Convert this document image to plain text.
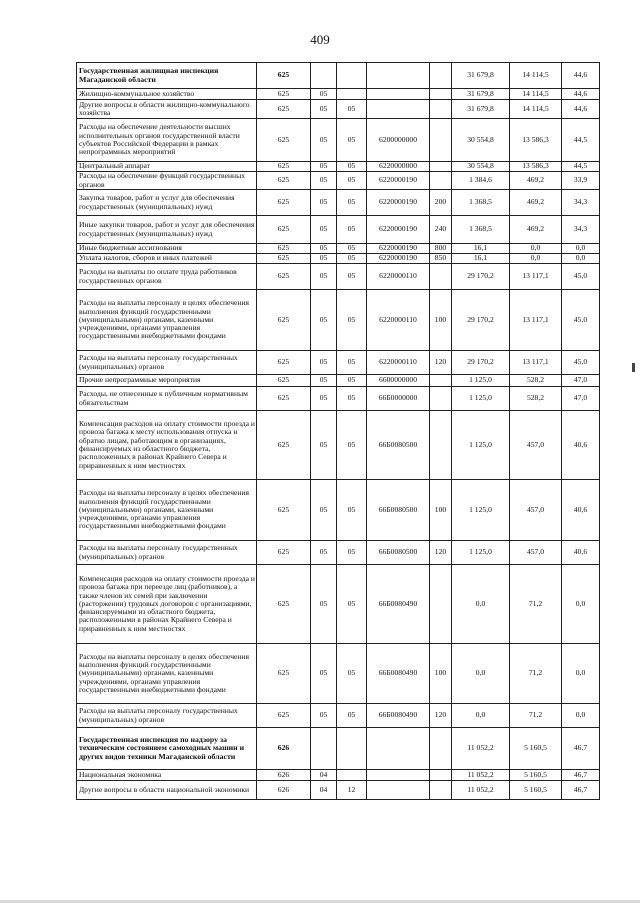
409
Государственная жилищная инспекция Магаданской области	625					31 679,8	14 114,5	44,6
Жилищно-коммунальное хозяйство	625	05				31 679,8	14 114,5	44,6
Другие вопросы в области жилищно-коммунального хозяйства	625	05	05			31 679,8	14 114,5	44,6
Расходы на обеспечение деятельности высших исполнительных органов государственной власти субъектов Российской Федерации в рамках непрограммных мероприятий	625	05	05	6200000000		30 554,8	13 586,3	44,5
Центральный аппарат	625	05	05	6220000000		30 554,8	13 586,3	44,5
Расходы на обеспечение функций государственных органов	625	05	05	6220000190		1 384,6	469,2	33,9
Закупка товаров, работ и услуг для обеспечения государственных (муниципальных) нужд	625	05	05	6220000190	200	1 368,5	469,2	34,3
Иные закупки товаров, работ и услуг для обеспечения государственных (муниципальных) нужд	625	05	05	6220000190	240	1 368,5	469,2	34,3
Иные бюджетные ассигнования	625	05	05	6220000190	800	16,1	0,0	0,0
Уплата налогов, сборов и иных платежей	625	05	05	6220000190	850	16,1	0,0	0,0
Расходы на выплаты по оплате труда работников государственных органов	625	05	05	6220000110		29 170,2	13 117,1	45,0
Расходы на выплаты персоналу в целях обеспечения выполнения функций государственными (муниципальными) органами, казенными учреждениями, органами управления государственными внебюджетными фондами	625	05	05	6220000110	100	29 170,2	13 117,1	45,0
Расходы на выплаты персоналу государственных (муниципальных) органов	625	05	05	6220000110	120	29 170,2	13 117,1	45,0
Прочие непрограммные мероприятия	625	05	05	6600000000		1 125,0	528,2	47,0
Расходы, не отнесенные к публичным нормативным обязательствам	625	05	05	66Б0000000		1 125,0	528,2	47,0
Компенсация расходов на оплату стоимости проезда и провоза багажа к месту использования отпуска и обратно лицам, работающим в организациях, финансируемых из областного бюджета, расположенных в районах Крайнего Севера и приравненных к ним местностях	625	05	05	66Б0080500		1 125,0	457,0	40,6
Расходы на выплаты персоналу в целях обеспечения выполнения функций государственными (муниципальными) органами, казенными учреждениями, органами управления государственными внебюджетными фондами	625	05	05	66Б0080500	100	1 125,0	457,0	40,6
Расходы на выплаты персоналу государственных (муниципальных) органов	625	05	05	66Б0080500	120	1 125,0	457,0	40,6
Компенсация расходов на оплату стоимости проезда и провоза багажа при переезде лиц (работников), а также членов их семей при заключении (расторжении) трудовых договоров с организациями, финансируемыми из областного бюджета, расположенными в районах Крайнего Севера и приравненных к ним местностях	625	05	05	66Б0080490		0,0	71,2	0,0
Расходы на выплаты персоналу в целях обеспечения выполнения функций государственными (муниципальными) органами, казенными учреждениями, органами управления государственными внебюджетными фондами	625	05	05	66Б0080490	100	0,0	71,2	0,0
Расходы на выплаты персоналу государственных (муниципальных) органов	625	05	05	66Б0080490	120	0,0	71,2	0,0
Государственная инспекция по надзору за техническим состоянием самоходных машин и других видов техники Магаданской области	626					11 052,2	5 160,5	46,7
Национальная экономика	626	04				11 052,2	5 160,5	46,7
Другие вопросы в области национальной экономики	626	04	12			11 052,2	5 160,5	46,7
